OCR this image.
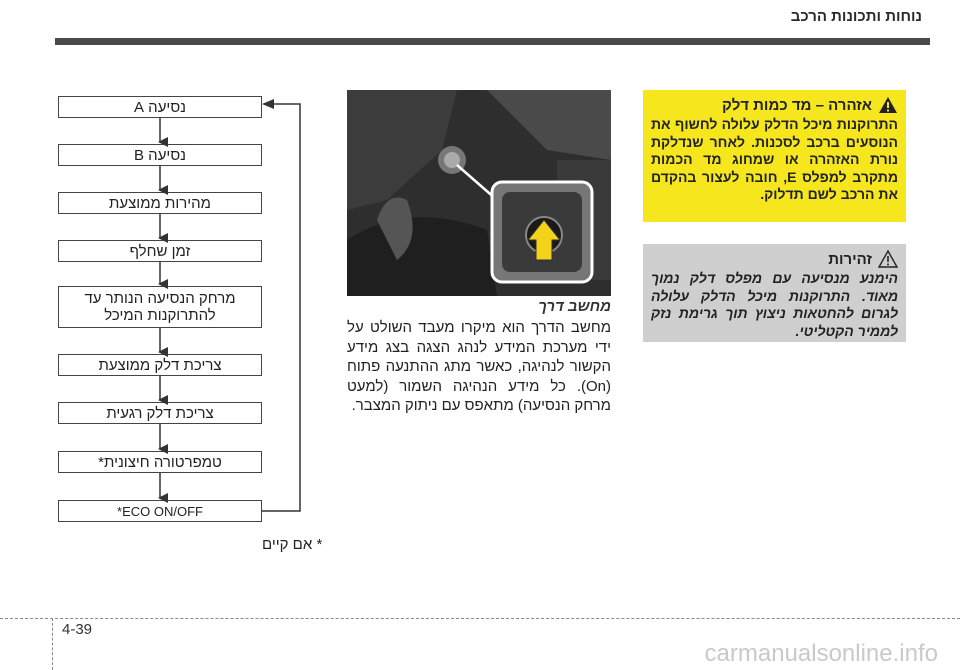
נוחות ותכונות הרכב
נסיעה A
נסיעה B
מהירות ממוצעת
זמן שחלף
מרחק הנסיעה הנותר עד להתרוקנות המיכל
צריכת דלק ממוצעת
צריכת דלק רגעית
טמפרטורה חיצונית*
ECO ON/OFF*
* אם קיים
מחשב דרך
מחשב הדרך הוא מיקרו מעבד השולט על ידי מערכת המידע לנהג הצגה בצג מידע הקשור לנהיגה, כאשר מתג ההתנעה פתוח (On). כל מידע הנהיגה השמור (למעט מרחק הנסיעה) מתאפס עם ניתוק המצבר.
אזהרה – מד כמות דלק
התרוקנות מיכל הדלק עלולה לחשוף את הנוסעים ברכב לסכנות. לאחר שנדלקת נורת האזהרה או שמחוג מד הכמות מתקרב למפלס E, חובה לעצור בהקדם את הרכב לשם תדלוק.
זהירות
הימנע מנסיעה עם מפלס דלק נמוך מאוד. התרוקנות מיכל הדלק עלולה לגרום להחטאות ניצוץ תוך גרימת נזק לממיר הקטליטי.
4-39
carmanualsonline.info
